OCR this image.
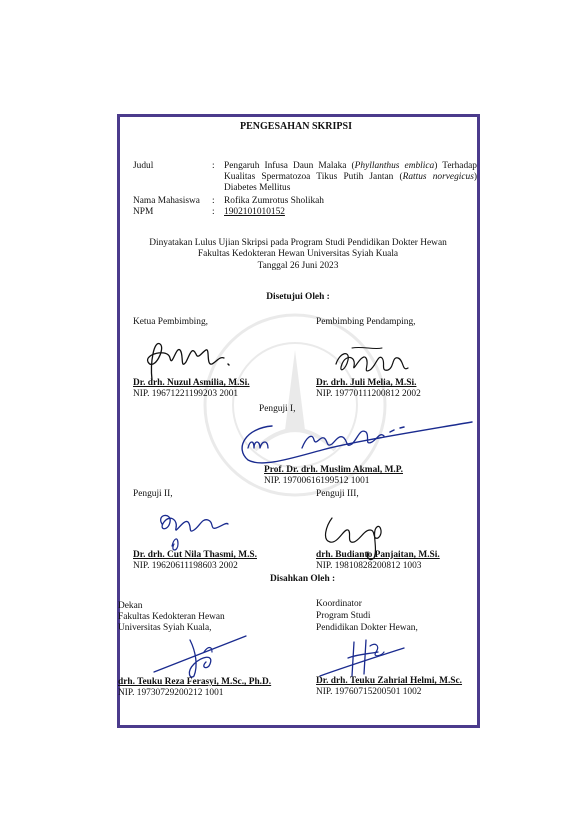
PENGESAHAN SKRIPSI
Judul	: Pengaruh Infusa Daun Malaka (Phyllanthus emblica) Terhadap
Kualitas Spermatozoa Tikus Putih Jantan (Rattus norvegicus)
Diabetes Mellitus
Nama Mahasiswa : Rofika Zumrotus Sholikah
NPM	: 1902101010152
Dinyatakan Lulus Ujian Skripsi pada Program Studi Pendidikan Dokter Hewan
Fakultas Kedokteran Hewan Universitas Syiah Kuala
Tanggal 26 Juni 2023
Disetujui Oleh :
Ketua Pembimbing,
Dr. drh. Nuzul Asmilia, M.Si.
NIP. 19671221199203 2001
Pembimbing Pendamping,
Dr. drh. Juli Melia, M.Si.
NIP. 19770111200812 2002
Penguji I,
Prof. Dr. drh. Muslim Akmal, M.P.
NIP. 19700616199512 1001
Penguji II,
Dr. drh. Cut Nila Thasmi, M.S.
NIP. 19620611198603 2002
Penguji III,
drh. Budianto Panjaitan, M.Si.
NIP. 19810828200812 1003
Disahkan Oleh :
Dekan
Fakultas Kedokteran Hewan
Universitas Syiah Kuala,
drh. Teuku Reza Ferasyi, M.Sc., Ph.D.
NIP. 19730729200212 1001
Koordinator
Program Studi
Pendidikan Dokter Hewan,
Dr. drh. Teuku Zahrial Helmi, M.Sc.
NIP. 19760715200501 1002
